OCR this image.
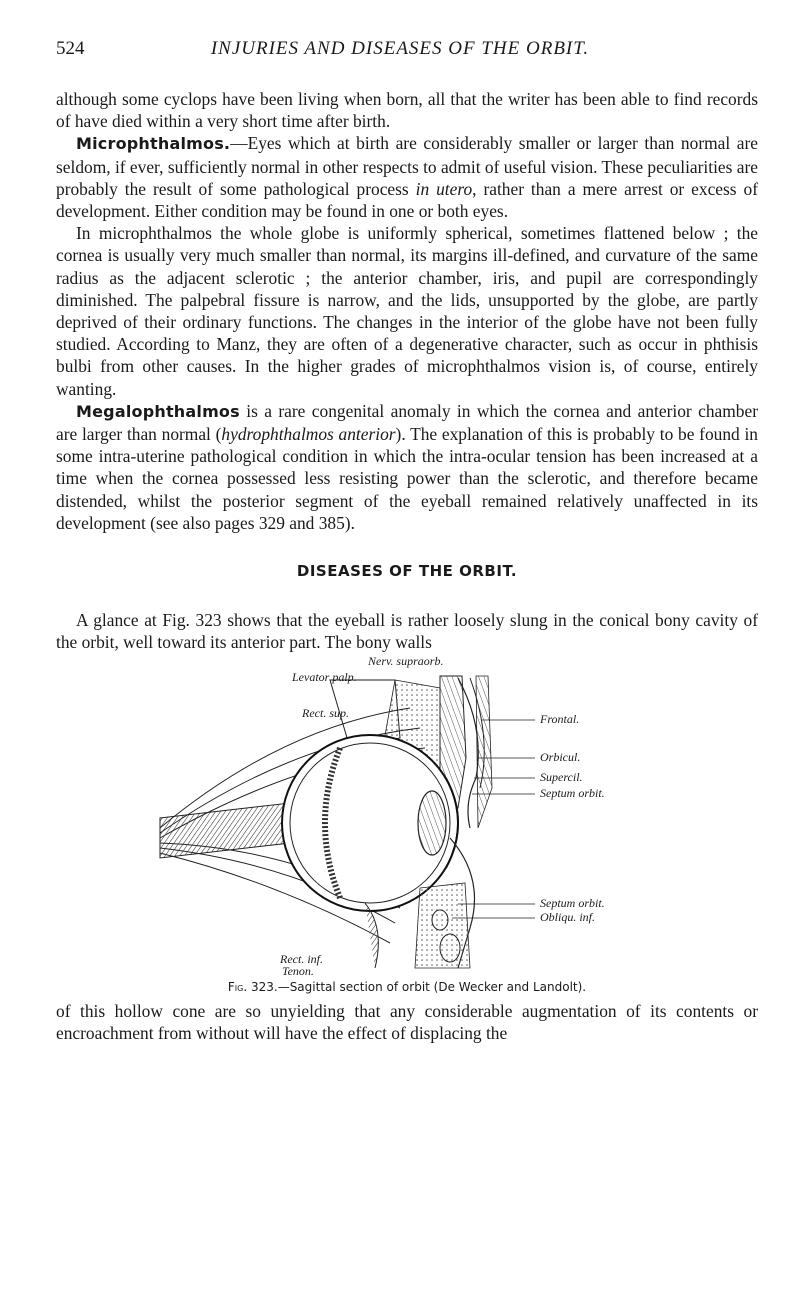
524	INJURIES AND DISEASES OF THE ORBIT.

although some cyclops have been living when born, all that the writer has been able to find records of have died within a very short time after birth.

Microphthalmos.—Eyes which at birth are considerably smaller or larger than normal are seldom, if ever, sufficiently normal in other respects to admit of useful vision. These peculiarities are probably the result of some pathological process in utero, rather than a mere arrest or excess of development. Either condition may be found in one or both eyes.

In microphthalmos the whole globe is uniformly spherical, sometimes flattened below ; the cornea is usually very much smaller than normal, its margins ill-defined, and curvature of the same radius as the adjacent sclerotic ; the anterior chamber, iris, and pupil are correspondingly diminished. The palpebral fissure is narrow, and the lids, unsupported by the globe, are partly deprived of their ordinary functions. The changes in the interior of the globe have not been fully studied. According to Manz, they are often of a degenerative character, such as occur in phthisis bulbi from other causes. In the higher grades of microphthalmos vision is, of course, entirely wanting.

Megalophthalmos is a rare congenital anomaly in which the cornea and anterior chamber are larger than normal (hydrophthalmos anterior). The explanation of this is probably to be found in some intra-uterine pathological condition in which the intra-ocular tension has been increased at a time when the cornea possessed less resisting power than the sclerotic, and therefore became distended, whilst the posterior segment of the eyeball remained relatively unaffected in its development (see also pages 329 and 385).

DISEASES OF THE ORBIT.

A glance at Fig. 323 shows that the eyeball is rather loosely slung in the conical bony cavity of the orbit, well toward its anterior part. The bony walls

Nerv. supraorb.
Levator palp.
Rect. sup.	Frontal.
Orbicul.
Supercil.
Septum orbit.
Septum orbit.
Obliqu. inf.
Rect. inf.
Tenon.
Fig. 323.—Sagittal section of orbit (De Wecker and Landolt).

of this hollow cone are so unyielding that any considerable augmentation of its contents or encroachment from without will have the effect of displacing the
